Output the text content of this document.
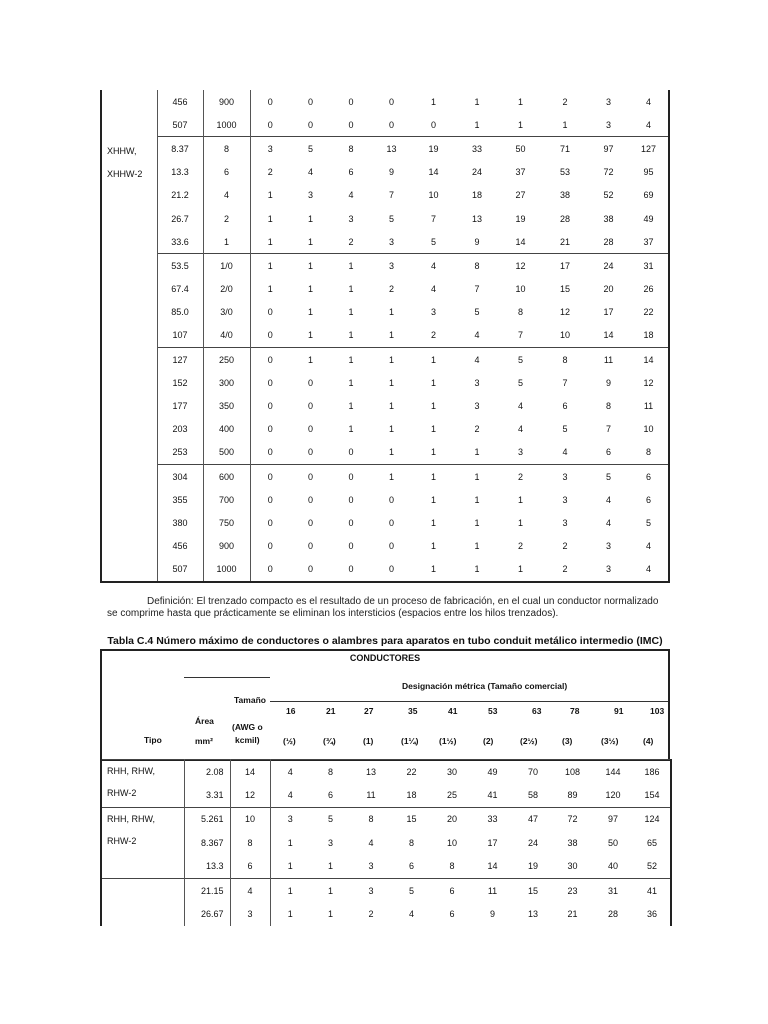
XHHW,
XHHW-2	456	900	0	0	0	0	1	1	1	2	3	4
	507	1000	0	0	0	0	0	1	1	1	3	4
	8.37	8	3	5	8	13	19	33	50	71	97	127
	13.3	6	2	4	6	9	14	24	37	53	72	95
	21.2	4	1	3	4	7	10	18	27	38	52	69
	26.7	2	1	1	3	5	7	13	19	28	38	49
	33.6	1	1	1	2	3	5	9	14	21	28	37
	53.5	1/0	1	1	1	3	4	8	12	17	24	31
	67.4	2/0	1	1	1	2	4	7	10	15	20	26
	85.0	3/0	0	1	1	1	3	5	8	12	17	22
	107	4/0	0	1	1	1	2	4	7	10	14	18
	127	250	0	1	1	1	1	4	5	8	11	14
	152	300	0	0	1	1	1	3	5	7	9	12
	177	350	0	0	1	1	1	3	4	6	8	11
	203	400	0	0	1	1	1	2	4	5	7	10
	253	500	0	0	0	1	1	1	3	4	6	8
	304	600	0	0	0	1	1	1	2	3	5	6
	355	700	0	0	0	0	1	1	1	3	4	6
	380	750	0	0	0	0	1	1	1	3	4	5
	456	900	0	0	0	0	1	1	2	2	3	4
	507	1000	0	0	0	0	1	1	1	2	3	4
Definición: El trenzado compacto es el resultado de un proceso de fabricación, en el cual un conductor normalizado se comprime hasta que prácticamente se eliminan los intersticios (espacios entre los hilos trenzados).
Tabla C.4 Número máximo de conductores o alambres para aparatos en tubo conduit metálico intermedio (IMC)
CONDUCTORES
Designación métrica (Tamaño comercial)
Tamaño
Área
(AWG o
kcmil)
mm²
Tipo
16	21	27	35	41	53	63	78	91	103
(½)	(¾)	(1)	(1¼) (1½)	(2)	(2½)	(3)	(3½)	(4)
RHH, RHW,
RHW-2	2.08	14	4	8	13	22	30	49	70	108	144	186
	3.31	12	4	6	11	18	25	41	58	89	120	154

RHH, RHW,
RHW-2	5.261	10	3	5	8	15	20	33	47	72	97	124
	8.367	8	1	3	4	8	10	17	24	38	50	65
	13.3	6	1	1	3	6	8	14	19	30	40	52
	21.15	4	1	1	3	5	6	11	15	23	31	41
	26.67	3	1	1	2	4	6	9	13	21	28	36
